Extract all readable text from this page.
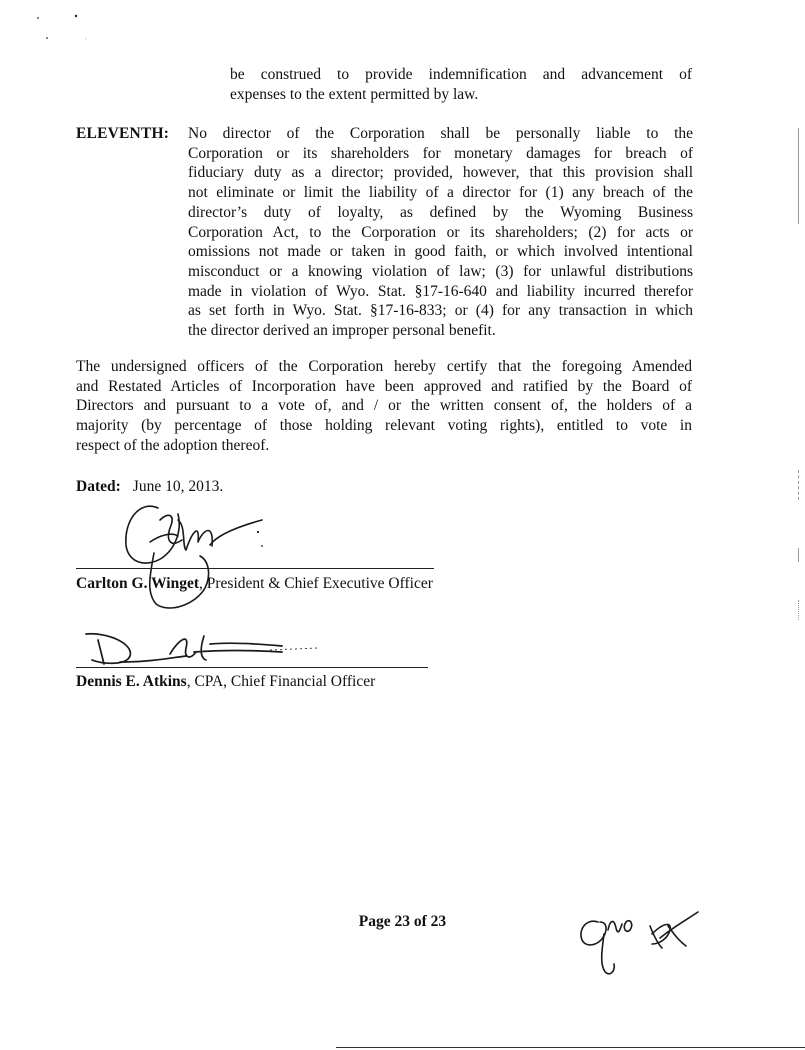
be construed to provide indemnification and advancement of
expenses to the extent permitted by law.
ELEVENTH: No director of the Corporation shall be personally liable to the
Corporation or its shareholders for monetary damages for breach of
fiduciary duty as a director; provided, however, that this provision shall
not eliminate or limit the liability of a director for (1) any breach of the
director’s duty of loyalty, as defined by the Wyoming Business
Corporation Act, to the Corporation or its shareholders; (2) for acts or
omissions not made or taken in good faith, or which involved intentional
misconduct or a knowing violation of law; (3) for unlawful distributions
made in violation of Wyo. Stat. §17-16-640 and liability incurred therefor
as set forth in Wyo. Stat. §17-16-833; or (4) for any transaction in which
the director derived an improper personal benefit.
The undersigned officers of the Corporation hereby certify that the foregoing Amended
and Restated Articles of Incorporation have been approved and ratified by the Board of
Directors and pursuant to a vote of, and / or the written consent of, the holders of a
majority (by percentage of those holding relevant voting rights), entitled to vote in
respect of the adoption thereof.
Dated: June 10, 2013.
Carlton G. Winget, President & Chief Executive Officer
Dennis E. Atkins, CPA, Chief Financial Officer
Page 23 of 23
